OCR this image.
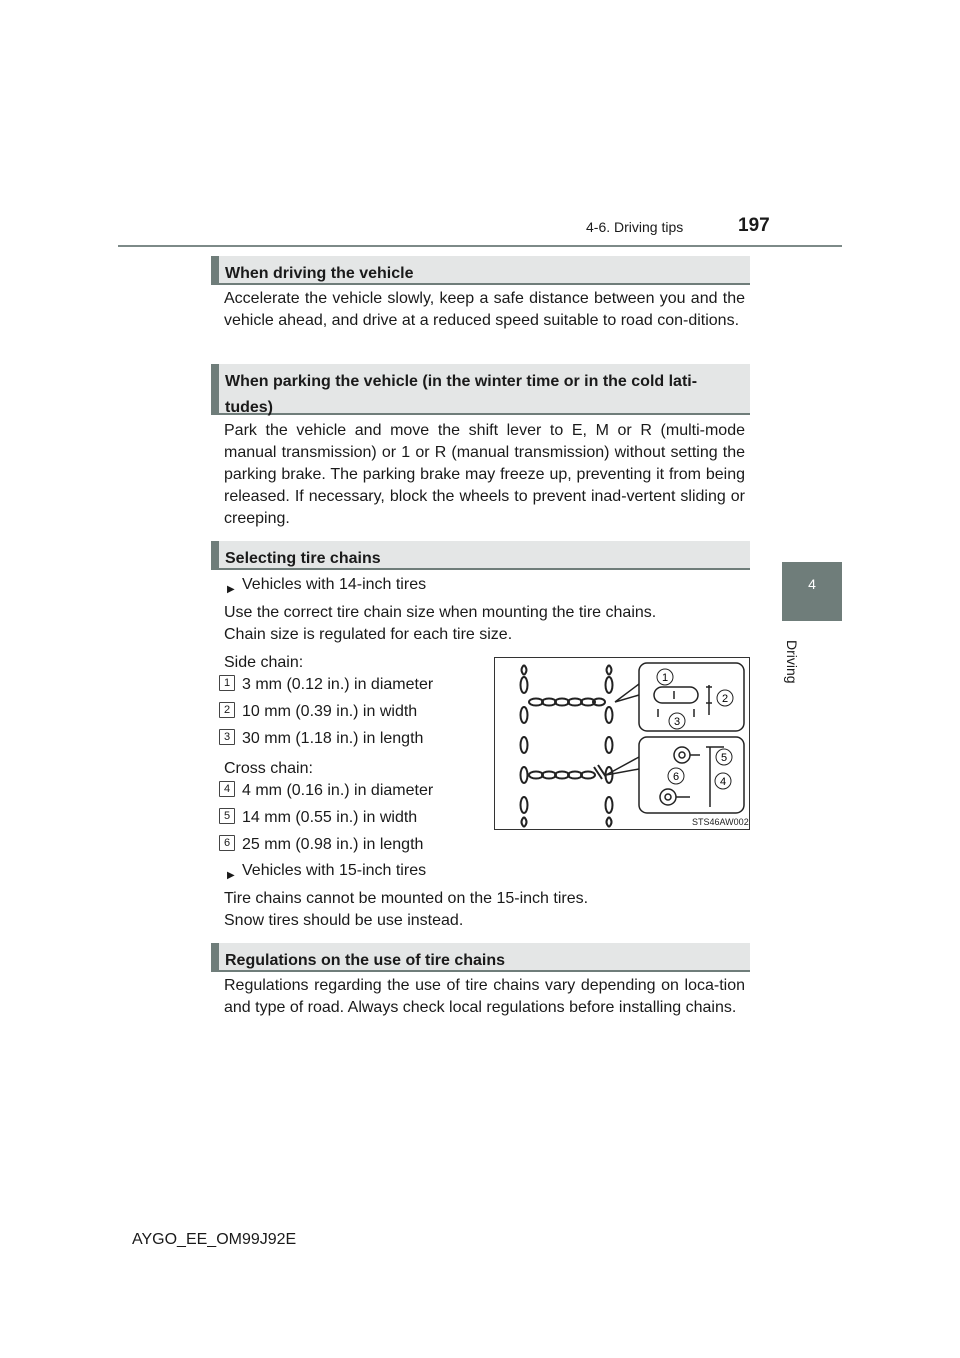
4-6. Driving tips	197
4
Driving
When driving the vehicle
Accelerate the vehicle slowly, keep a safe distance between you and the vehicle ahead, and drive at a reduced speed suitable to road con-ditions.
When parking the vehicle (in the winter time or in the cold lati-tudes)
Park the vehicle and move the shift lever to E, M or R (multi-mode manual transmission) or 1 or R (manual transmission) without setting the parking brake. The parking brake may freeze up, preventing it from being released. If necessary, block the wheels to prevent inad-vertent sliding or creeping.
Selecting tire chains
▶ Vehicles with 14-inch tires
Use the correct tire chain size when mounting the tire chains.
Chain size is regulated for each tire size.
Side chain:
1 3 mm (0.12 in.) in diameter
2 10 mm (0.39 in.) in width
3 30 mm (1.18 in.) in length
Cross chain:
4 4 mm (0.16 in.) in diameter
5 14 mm (0.55 in.) in width
6 25 mm (0.98 in.) in length
▶ Vehicles with 15-inch tires
Tire chains cannot be mounted on the 15-inch tires.
Snow tires should be use instead.
1
2
3
5
6	4
STS46AW002
Regulations on the use of tire chains
Regulations regarding the use of tire chains vary depending on loca-tion and type of road. Always check local regulations before installing chains.
AYGO_EE_OM99J92E
